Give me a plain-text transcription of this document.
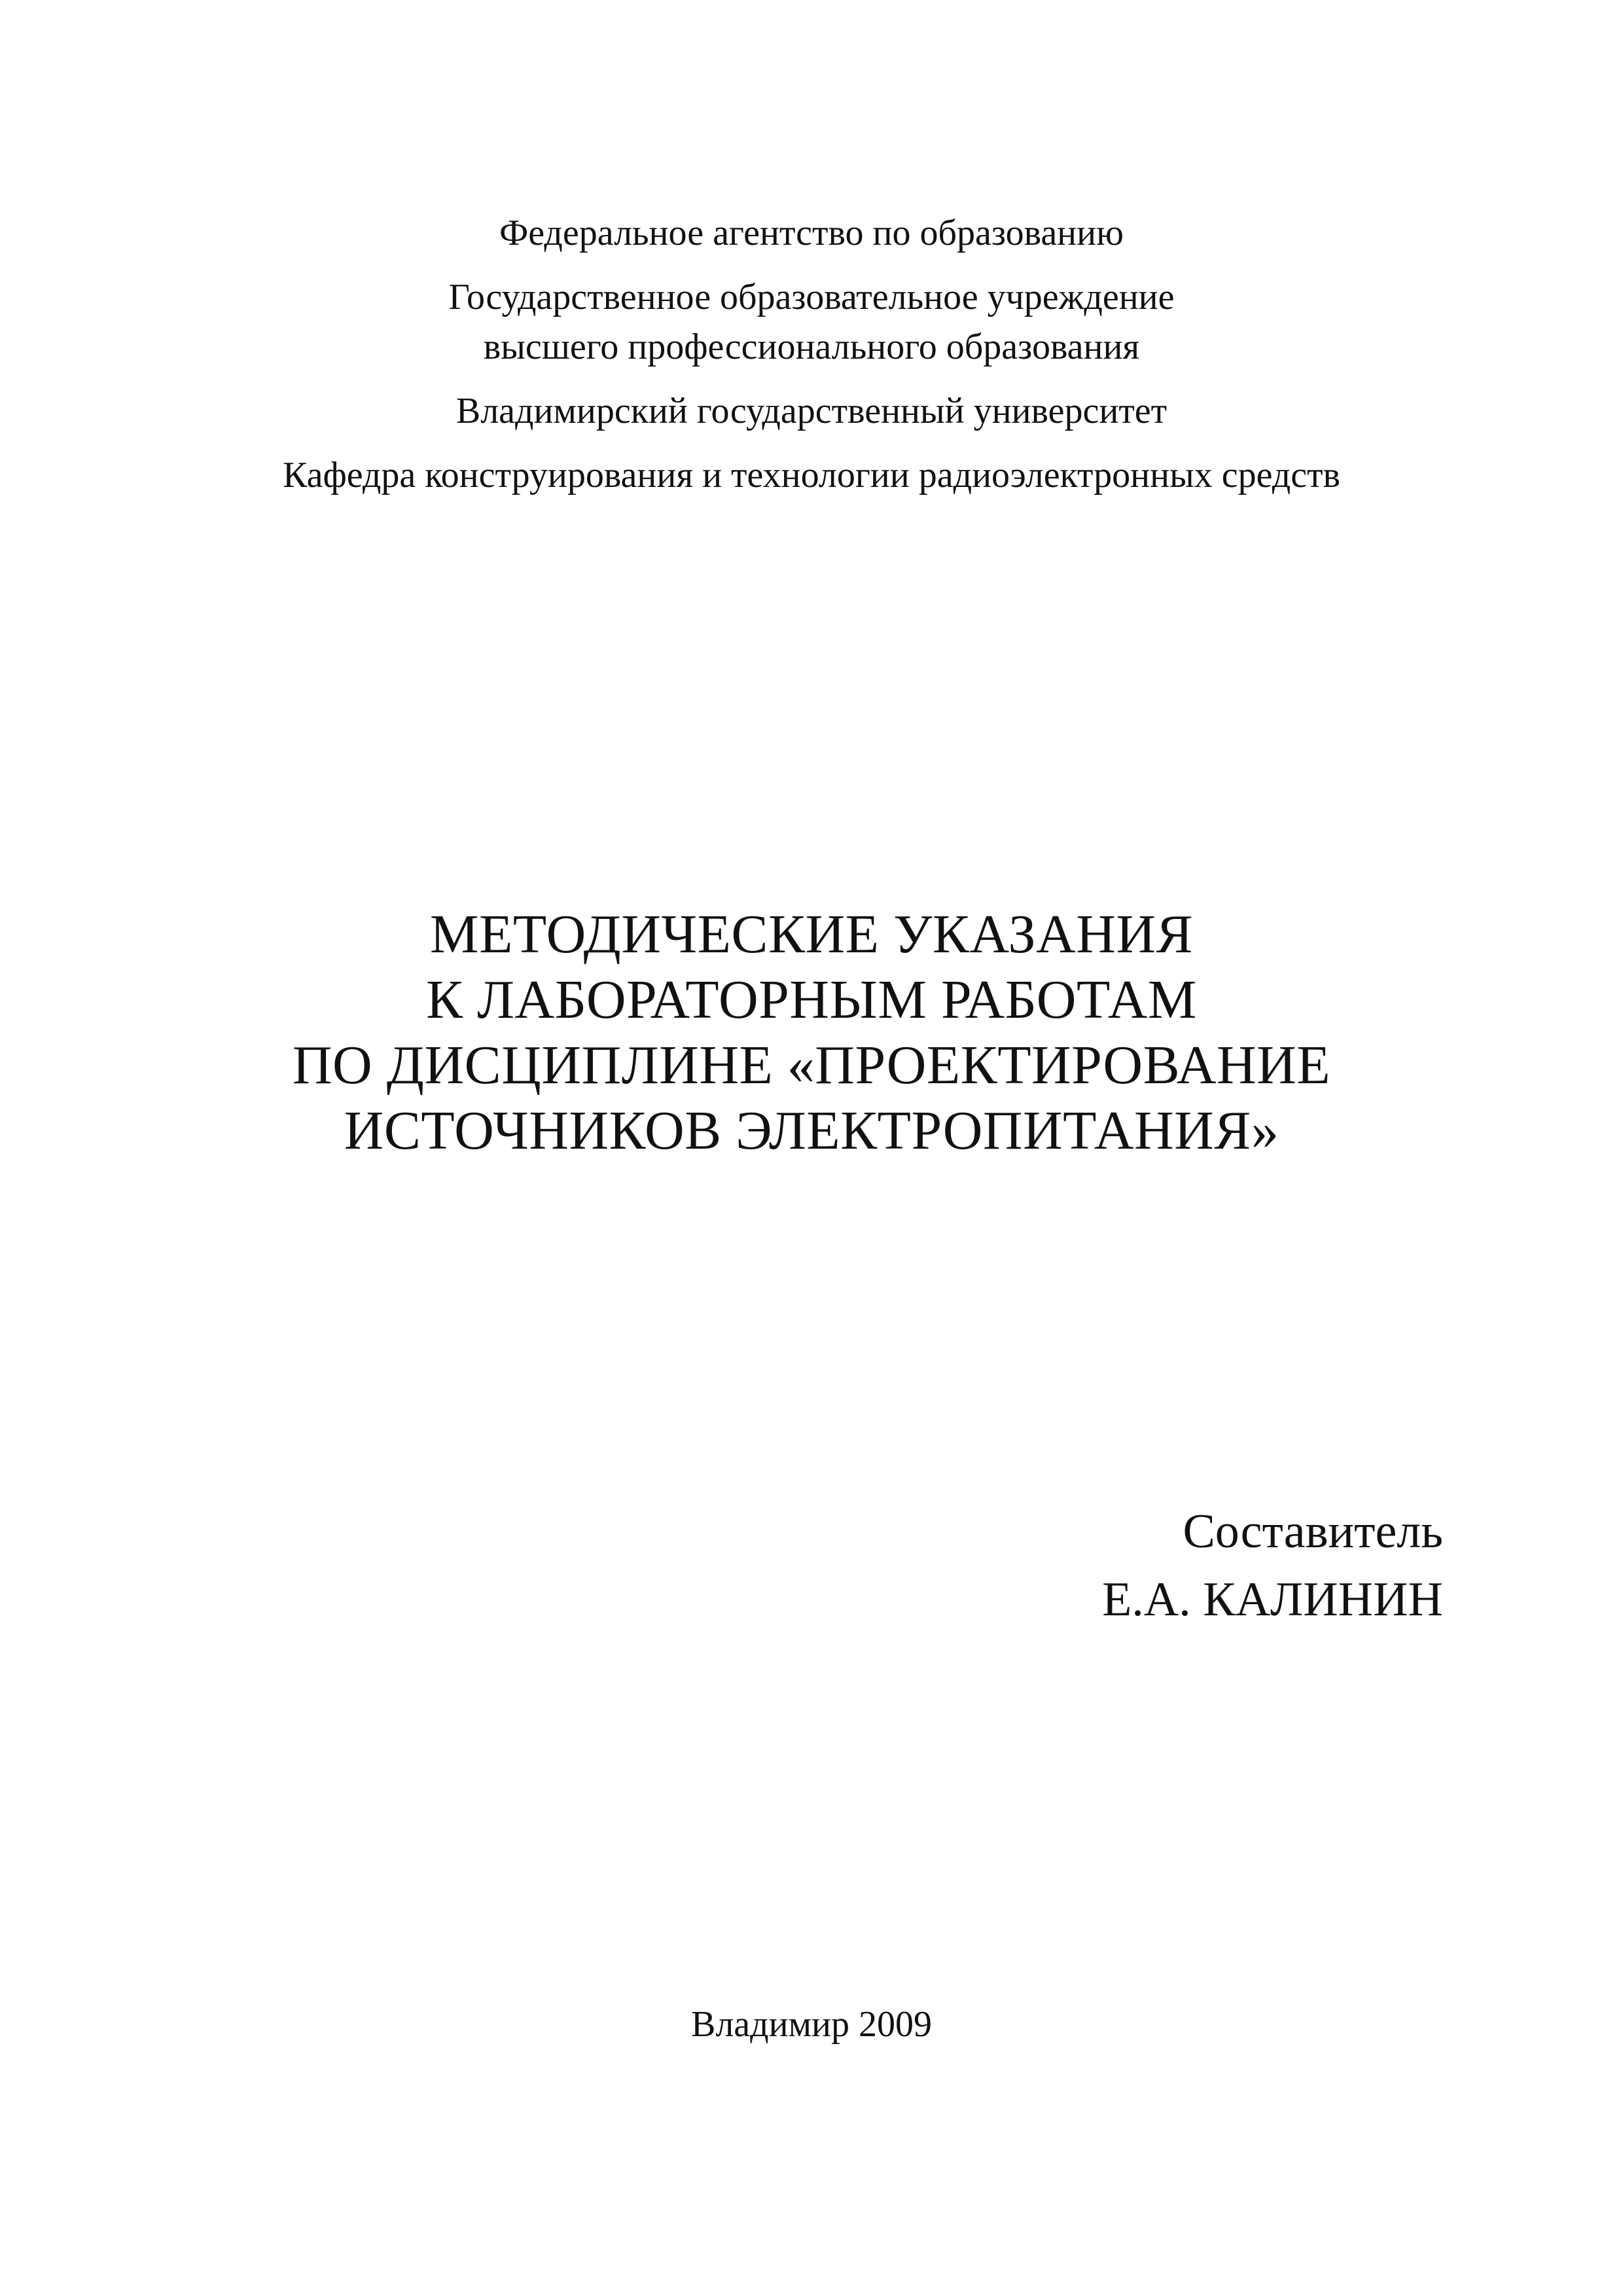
Федеральное агентство по образованию
Государственное образовательное учреждение
высшего профессионального образования
Владимирский государственный университет
Кафедра конструирования и технологии радиоэлектронных средств
МЕТОДИЧЕСКИЕ УКАЗАНИЯ
К ЛАБОРАТОРНЫМ РАБОТАМ
ПО ДИСЦИПЛИНЕ «ПРОЕКТИРОВАНИЕ
ИСТОЧНИКОВ ЭЛЕКТРОПИТАНИЯ»
Составитель
Е.А. КАЛИНИН
Владимир 2009
